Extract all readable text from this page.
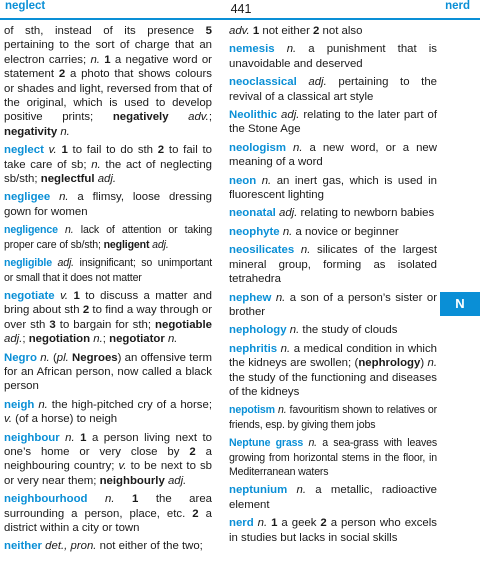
neglect	441	nerd
of sth, instead of its presence 5 pertaining to the sort of charge that an electron carries; n. 1 a negative word or statement 2 a photo that shows colours or shades and light, reversed from that of the original, which is used to develop positive prints; negatively adv.; negativity n.
neglect v. 1 to fail to do sth 2 to fail to take care of sb; n. the act of neglecting sb/sth; neglectful adj.
negligee n. a flimsy, loose dressing gown for women
negligence n. lack of attention or taking proper care of sb/sth; negligent adj.
negligible adj. insignificant; so unimportant or small that it does not matter
negotiate v. 1 to discuss a matter and bring about sth 2 to find a way through or over sth 3 to bargain for sth; negotiable adj.; negotiation n.; negotiator n.
Negro n. (pl. Negroes) an offensive term for an African person, now called a black person
neigh n. the high-pitched cry of a horse; v. (of a horse) to neigh
neighbour n. 1 a person living next to one’s home or very close by 2 a neighbouring country; v. to be next to sb or very near them; neighbourly adj.
neighbourhood n. 1 the area surrounding a person, place, etc. 2 a district within a city or town
neither det., pron. not either of the two;
adv. 1 not either 2 not also
nemesis n. a punishment that is unavoidable and deserved
neoclassical adj. pertaining to the revival of a classical art style
Neolithic adj. relating to the later part of the Stone Age
neologism n. a new word, or a new meaning of a word
neon n. an inert gas, which is used in fluorescent lighting
neonatal adj. relating to newborn babies
neophyte n. a novice or beginner
neosilicates n. silicates of the largest mineral group, forming as isolated tetrahedra
nephew n. a son of a person’s sister or brother
nephology n. the study of clouds
nephritis n. a medical condition in which the kidneys are swollen; (nephrology) n. the study of the functioning and diseases of the kidneys
nepotism n. favouritism shown to relatives or friends, esp. by giving them jobs
Neptune grass n. a sea-grass with leaves growing from horizontal stems in the floor, in Mediterranean waters
neptunium n. a metallic, radioactive element
nerd n. 1 a geek 2 a person who excels in studies but lacks in social skills
N
